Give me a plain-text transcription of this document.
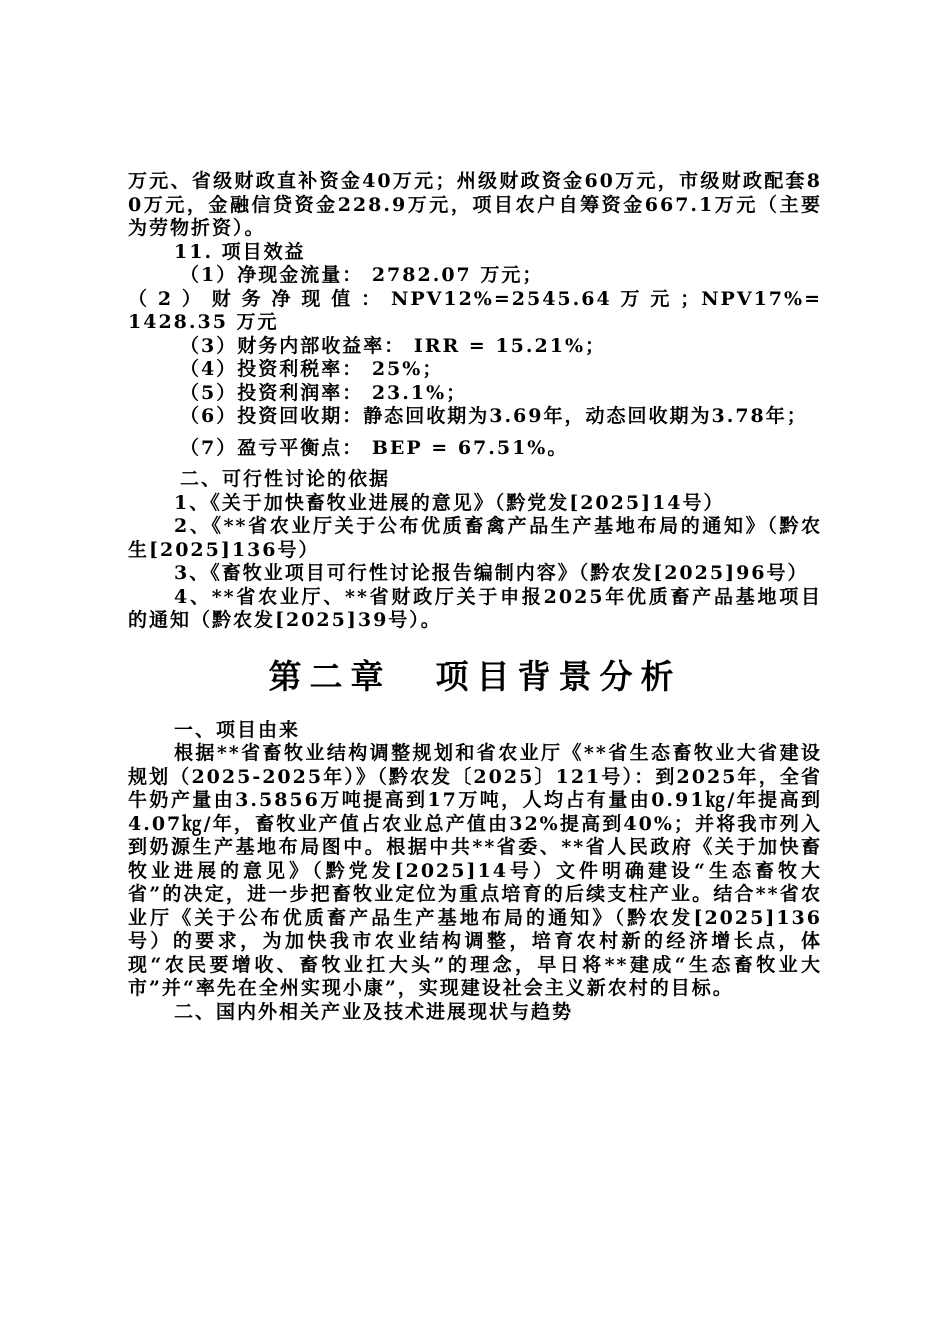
万元、省级财政直补资金40万元；州级财政资金60万元，市级财政配套80万元，金融信贷资金228.9万元，项目农户自筹资金667.1万元（主要为劳物折资）。

11. 项目效益

（1）净现金流量： 2782.07 万元；

（ 2 ） 财 务 净 现 值 ： NPV12%=2545.64 万 元 ；NPV17%=1428.35 万元

（3）财务内部收益率： IRR = 15.21%；

（4）投资利税率： 25%；

（5）投资利润率： 23.1%；

（6）投资回收期：静态回收期为3.69年，动态回收期为3.78年；

（7）盈亏平衡点： BEP = 67.51%。

二、可行性讨论的依据

1、《关于加快畜牧业进展的意见》（黔党发[2025]14号）

2、《**省农业厅关于公布优质畜禽产品生产基地布局的通知》（黔农生[2025]136号）

3、《畜牧业项目可行性讨论报告编制内容》（黔农发[2025]96号）

4、**省农业厅、**省财政厅关于申报2025年优质畜产品基地项目的通知（黔农发[2025]39号）。

第二章 项目背景分析

一、项目由来

根据**省畜牧业结构调整规划和省农业厅《**省生态畜牧业大省建设规划（2025-2025年）》（黔农发〔2025〕121号）：到2025年，全省牛奶产量由3.5856万吨提高到17万吨，人均占有量由0.91㎏/年提高到4.07㎏/年，畜牧业产值占农业总产值由32%提高到40%；并将我市列入到奶源生产基地布局图中。根据中共**省委、**省人民政府《关于加快畜牧业进展的意见》（黔党发[2025]14号）文件明确建设“生态畜牧大省”的决定，进一步把畜牧业定位为重点培育的后续支柱产业。结合**省农业厅《关于公布优质畜产品生产基地布局的通知》（黔农发[2025]136号）的要求，为加快我市农业结构调整，培育农村新的经济增长点，体现“农民要增收、畜牧业扛大头”的理念，早日将**建成“生态畜牧业大市”并“率先在全州实现小康”，实现建设社会主义新农村的目标。

二、国内外相关产业及技术进展现状与趋势
